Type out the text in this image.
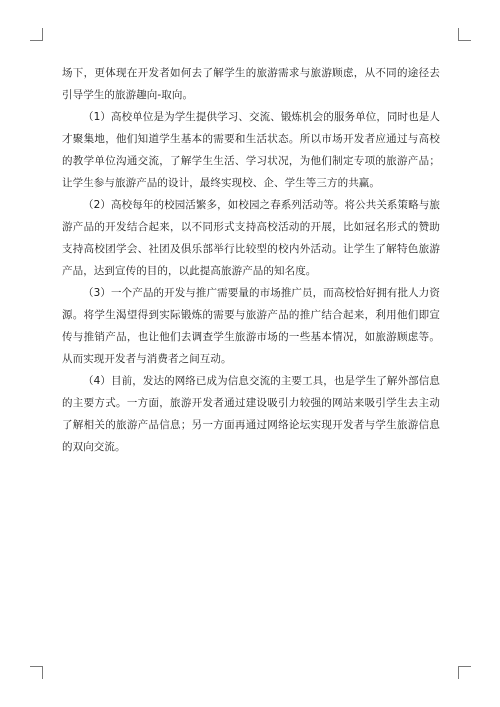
场下，更体现在开发者如何去了解学生的旅游需求与旅游顾虑，从不同的途径去引导学生的旅游趣向-取向。

（1）高校单位是为学生提供学习、交流、锻炼机会的服务单位，同时也是人才聚集地，他们知道学生基本的需要和生活状态。所以市场开发者应通过与高校的教学单位沟通交流，了解学生生活、学习状况，为他们制定专项的旅游产品；让学生参与旅游产品的设计，最终实现校、企、学生等三方的共赢。

（2）高校每年的校园活繁多，如校园之春系列活动等。将公共关系策略与旅游产品的开发结合起来，以不同形式支持高校活动的开展，比如冠名形式的赞助支持高校团学会、社团及俱乐部举行比较型的校内外活动。让学生了解特色旅游产品，达到宣传的目的，以此提高旅游产品的知名度。

（3）一个产品的开发与推广需要量的市场推广员，而高校恰好拥有批人力资源。将学生渴望得到实际锻炼的需要与旅游产品的推广结合起来，利用他们即宣传与推销产品，也让他们去调查学生旅游市场的一些基本情况，如旅游顾虑等。从而实现开发者与消费者之间互动。

（4）目前，发达的网络已成为信息交流的主要工具，也是学生了解外部信息的主要方式。一方面，旅游开发者通过建设吸引力较强的网站来吸引学生去主动了解相关的旅游产品信息；另一方面再通过网络论坛实现开发者与学生旅游信息的双向交流。
